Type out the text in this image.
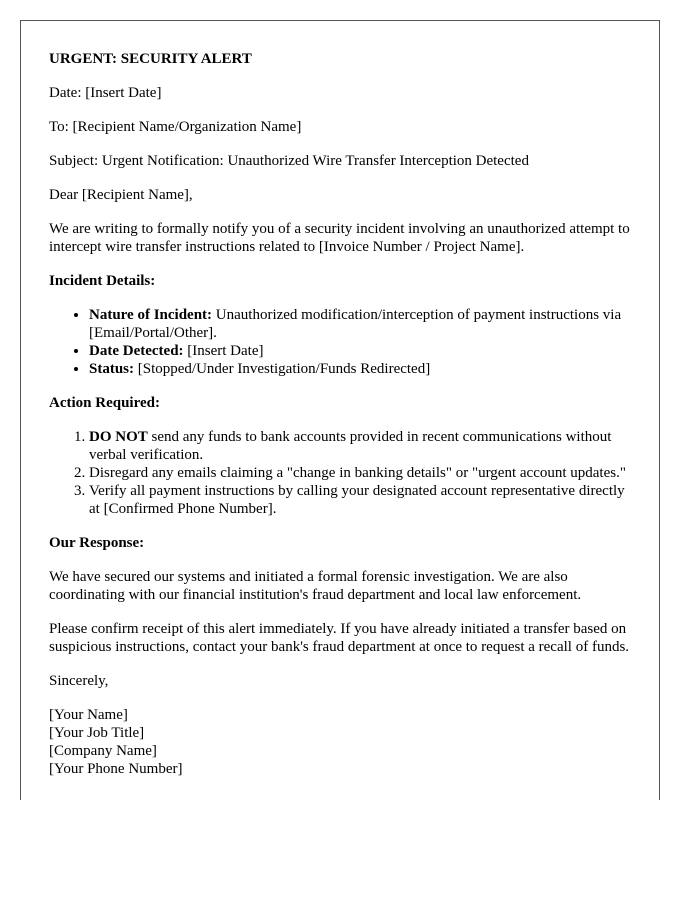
URGENT: SECURITY ALERT

Date: [Insert Date]

To: [Recipient Name/Organization Name]

Subject: Urgent Notification: Unauthorized Wire Transfer Interception Detected

Dear [Recipient Name],

We are writing to formally notify you of a security incident involving an unauthorized attempt to intercept wire transfer instructions related to [Invoice Number / Project Name].

Incident Details:

• Nature of Incident: Unauthorized modification/interception of payment instructions via [Email/Portal/Other].
• Date Detected: [Insert Date]
• Status: [Stopped/Under Investigation/Funds Redirected]

Action Required:

1. DO NOT send any funds to bank accounts provided in recent communications without verbal verification.
2. Disregard any emails claiming a "change in banking details" or "urgent account updates."
3. Verify all payment instructions by calling your designated account representative directly at [Confirmed Phone Number].

Our Response:

We have secured our systems and initiated a formal forensic investigation. We are also coordinating with our financial institution's fraud department and local law enforcement.

Please confirm receipt of this alert immediately. If you have already initiated a transfer based on suspicious instructions, contact your bank's fraud department at once to request a recall of funds.

Sincerely,

[Your Name]
[Your Job Title]
[Company Name]
[Your Phone Number]
